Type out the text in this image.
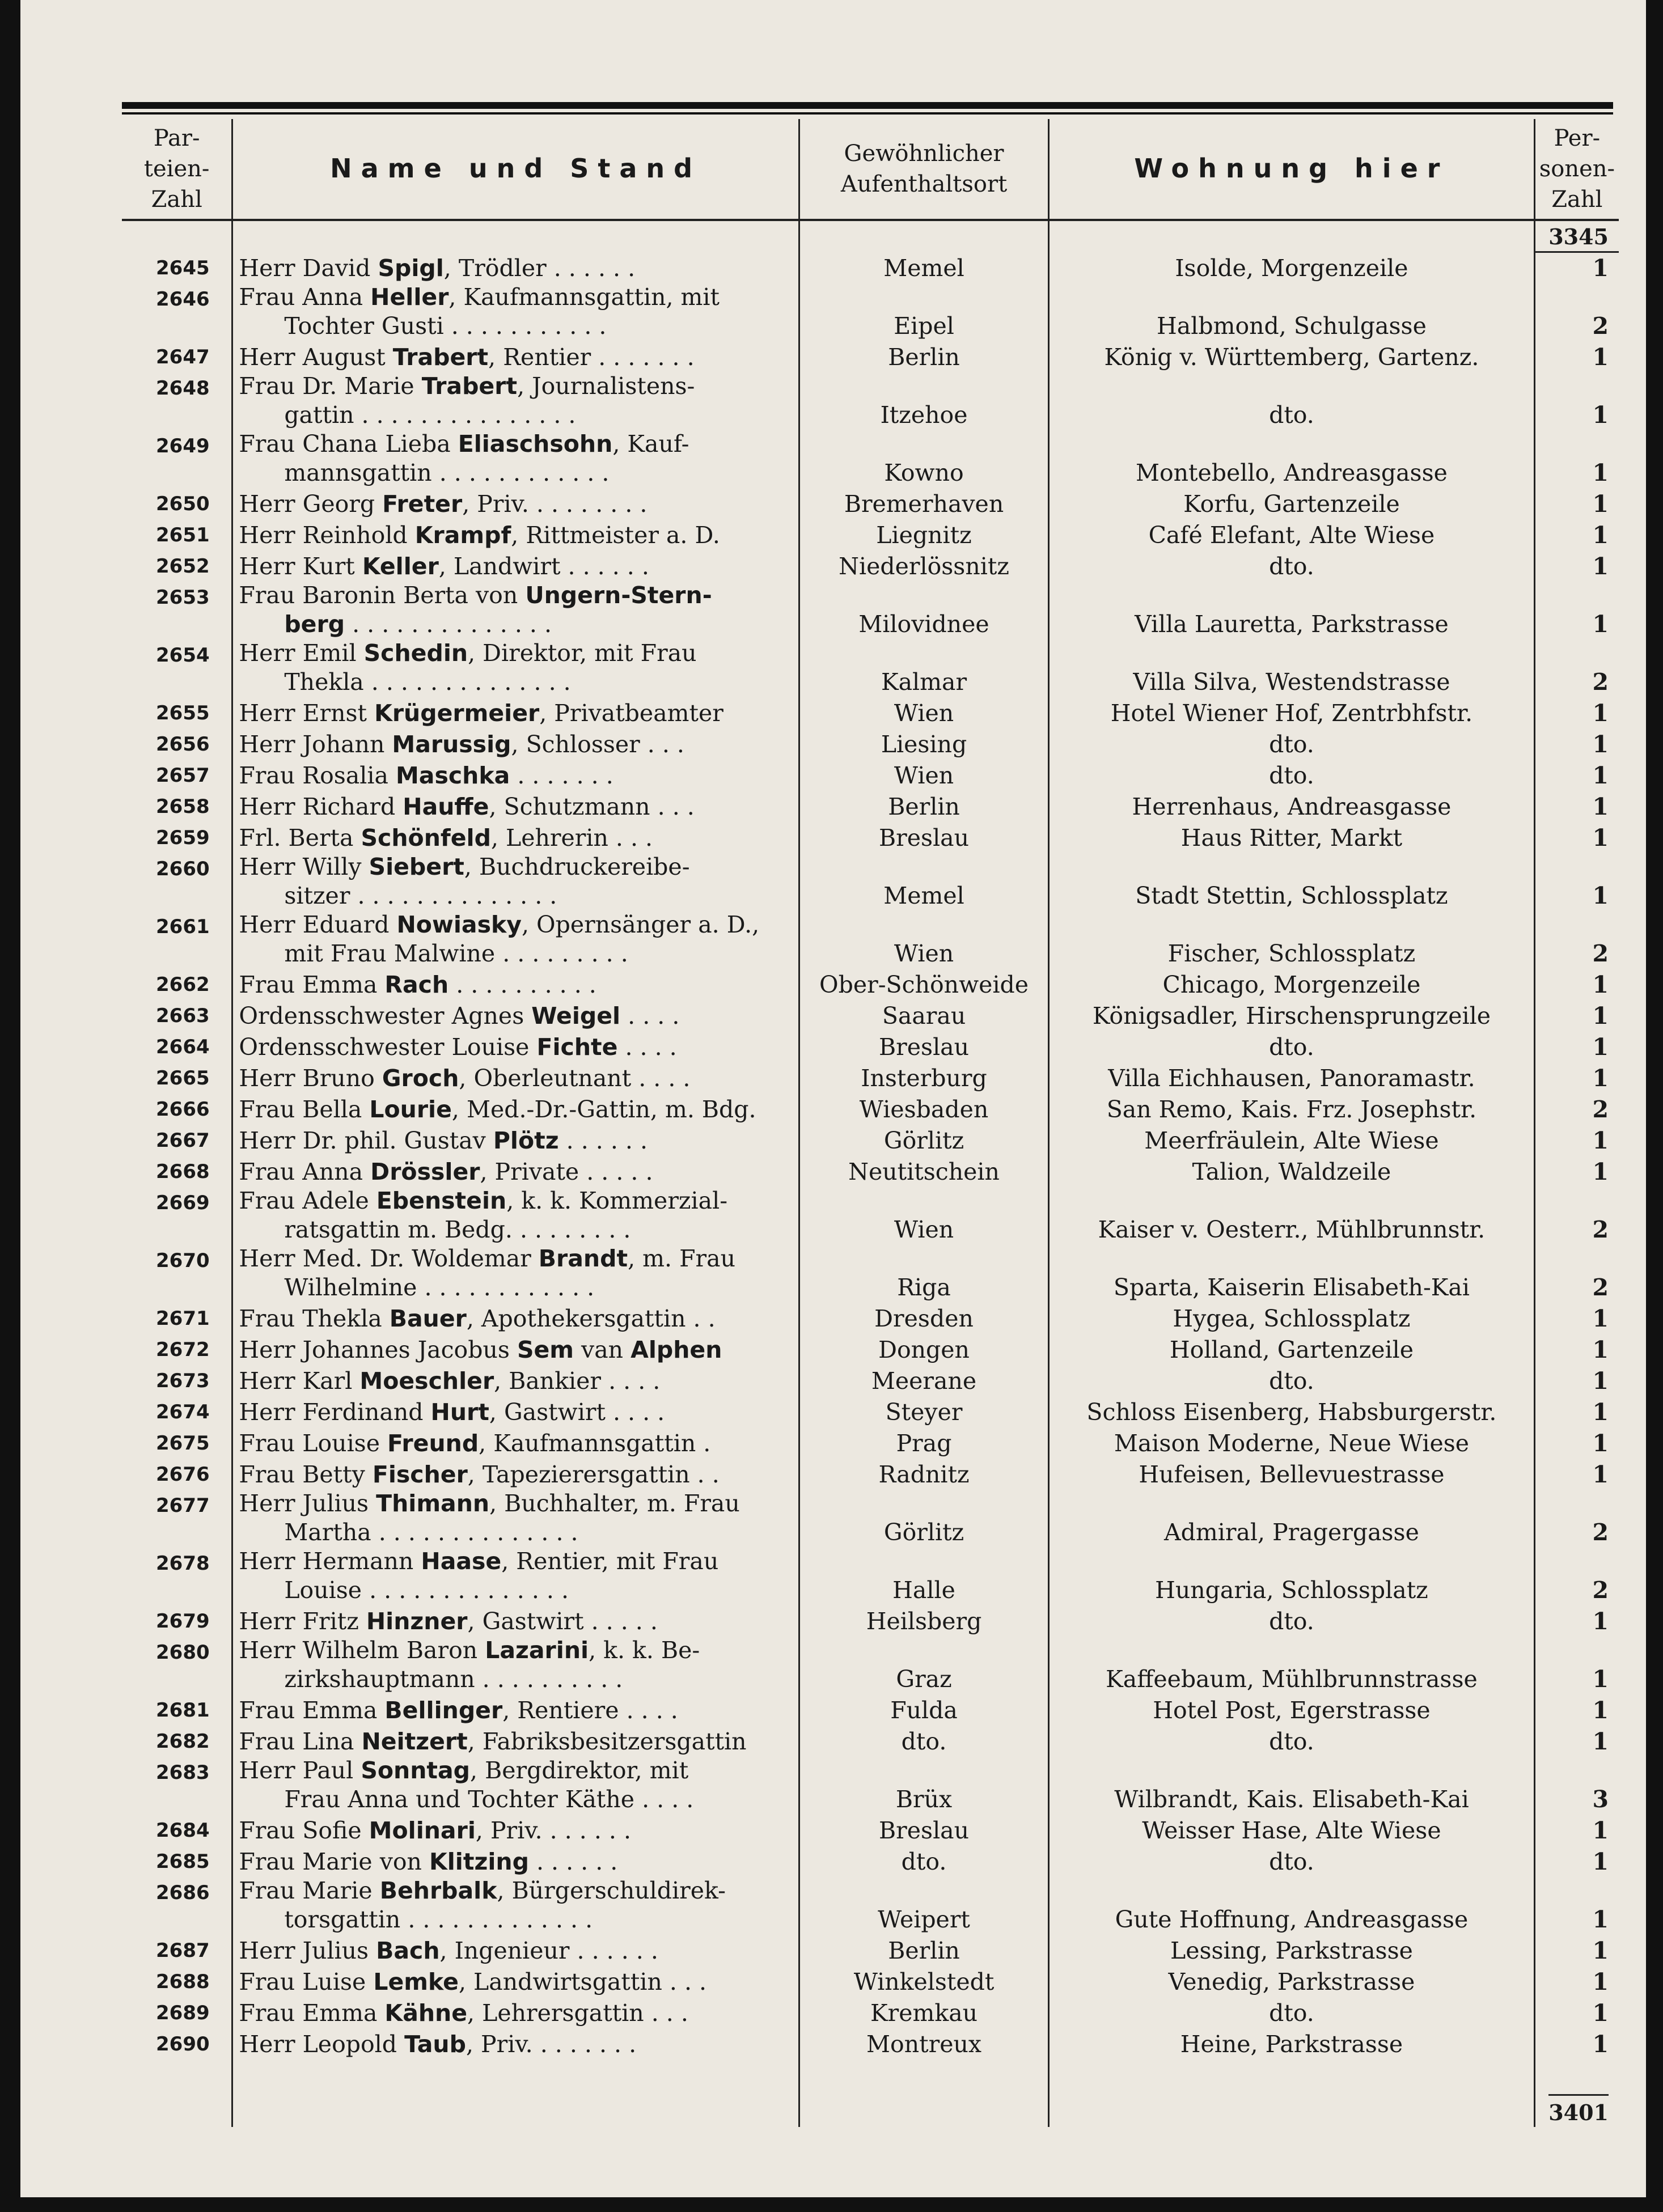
Par-
teien-
Zahl	Name und Stand	Gewöhnlicher
Aufenthaltsort	Wohnung hier	Per-
sonen-
Zahl
				3345
2645	Herr David Spigl, Trödler . . . . . .	Memel	Isolde, Morgenzeile	1
2646	Frau Anna Heller, Kaufmannsgattin, mit
Tochter Gusti . . . . . . . . . . .	Eipel	Halbmond, Schulgasse	2
2647	Herr August Trabert, Rentier . . . . . . .	Berlin	König v. Württemberg, Gartenz.	1
2648	Frau Dr. Marie Trabert, Journalistens-
gattin . . . . . . . . . . . . . . .	Itzehoe	dto.	1
2649	Frau Chana Lieba Eliaschsohn, Kauf-
mannsgattin . . . . . . . . . . . .	Kowno	Montebello, Andreasgasse	1
2650	Herr Georg Freter, Priv. . . . . . . . .	Bremerhaven	Korfu, Gartenzeile	1
2651	Herr Reinhold Krampf, Rittmeister a. D.	Liegnitz	Café Elefant, Alte Wiese	1
2652	Herr Kurt Keller, Landwirt . . . . . .	Niederlössnitz	dto.	1
2653	Frau Baronin Berta von Ungern-Stern-
berg . . . . . . . . . . . . . .	Milovidnee	Villa Lauretta, Parkstrasse	1
2654	Herr Emil Schedin, Direktor, mit Frau
Thekla . . . . . . . . . . . . . .	Kalmar	Villa Silva, Westendstrasse	2
2655	Herr Ernst Krügermeier, Privatbeamter	Wien	Hotel Wiener Hof, Zentrbhfstr.	1
2656	Herr Johann Marussig, Schlosser . . .	Liesing	dto.	1
2657	Frau Rosalia Maschka . . . . . . .	Wien	dto.	1
2658	Herr Richard Hauffe, Schutzmann . . .	Berlin	Herrenhaus, Andreasgasse	1
2659	Frl. Berta Schönfeld, Lehrerin . . .	Breslau	Haus Ritter, Markt	1
2660	Herr Willy Siebert, Buchdruckereibe-
sitzer . . . . . . . . . . . . . .	Memel	Stadt Stettin, Schlossplatz	1
2661	Herr Eduard Nowiasky, Opernsänger a. D.,
mit Frau Malwine . . . . . . . . .	Wien	Fischer, Schlossplatz	2
2662	Frau Emma Rach . . . . . . . . . .	Ober-Schönweide	Chicago, Morgenzeile	1
2663	Ordensschwester Agnes Weigel . . . .	Saarau	Königsadler, Hirschensprungzeile	1
2664	Ordensschwester Louise Fichte . . . .	Breslau	dto.	1
2665	Herr Bruno Groch, Oberleutnant . . . .	Insterburg	Villa Eichhausen, Panoramastr.	1
2666	Frau Bella Lourie, Med.-Dr.-Gattin, m. Bdg.	Wiesbaden	San Remo, Kais. Frz. Josephstr.	2
2667	Herr Dr. phil. Gustav Plötz . . . . . .	Görlitz	Meerfräulein, Alte Wiese	1
2668	Frau Anna Drössler, Private . . . . .	Neutitschein	Talion, Waldzeile	1
2669	Frau Adele Ebenstein, k. k. Kommerzial-
ratsgattin m. Bedg. . . . . . . . .	Wien	Kaiser v. Oesterr., Mühlbrunnstr.	2
2670	Herr Med. Dr. Woldemar Brandt, m. Frau
Wilhelmine . . . . . . . . . . . .	Riga	Sparta, Kaiserin Elisabeth-Kai	2
2671	Frau Thekla Bauer, Apothekersgattin . .	Dresden	Hygea, Schlossplatz	1
2672	Herr Johannes Jacobus Sem van Alphen	Dongen	Holland, Gartenzeile	1
2673	Herr Karl Moeschler, Bankier . . . .	Meerane	dto.	1
2674	Herr Ferdinand Hurt, Gastwirt . . . .	Steyer	Schloss Eisenberg, Habsburgerstr.	1
2675	Frau Louise Freund, Kaufmannsgattin .	Prag	Maison Moderne, Neue Wiese	1
2676	Frau Betty Fischer, Tapezierersgattin . .	Radnitz	Hufeisen, Bellevuestrasse	1
2677	Herr Julius Thimann, Buchhalter, m. Frau
Martha . . . . . . . . . . . . . .	Görlitz	Admiral, Pragergasse	2
2678	Herr Hermann Haase, Rentier, mit Frau
Louise . . . . . . . . . . . . . .	Halle	Hungaria, Schlossplatz	2
2679	Herr Fritz Hinzner, Gastwirt . . . . .	Heilsberg	dto.	1
2680	Herr Wilhelm Baron Lazarini, k. k. Be-
zirkshauptmann . . . . . . . . . .	Graz	Kaffeebaum, Mühlbrunnstrasse	1
2681	Frau Emma Bellinger, Rentiere . . . .	Fulda	Hotel Post, Egerstrasse	1
2682	Frau Lina Neitzert, Fabriksbesitzersgattin	dto.	dto.	1
2683	Herr Paul Sonntag, Bergdirektor, mit
Frau Anna und Tochter Käthe . . . .	Brüx	Wilbrandt, Kais. Elisabeth-Kai	3
2684	Frau Sofie Molinari, Priv. . . . . . .	Breslau	Weisser Hase, Alte Wiese	1
2685	Frau Marie von Klitzing . . . . . .	dto.	dto.	1
2686	Frau Marie Behrbalk, Bürgerschuldirek-
torsgattin . . . . . . . . . . . . .	Weipert	Gute Hoffnung, Andreasgasse	1
2687	Herr Julius Bach, Ingenieur . . . . . .	Berlin	Lessing, Parkstrasse	1
2688	Frau Luise Lemke, Landwirtsgattin . . .	Winkelstedt	Venedig, Parkstrasse	1
2689	Frau Emma Kähne, Lehrersgattin . . .	Kremkau	dto.	1
2690	Herr Leopold Taub, Priv. . . . . . . .	Montreux	Heine, Parkstrasse	1
				3401
